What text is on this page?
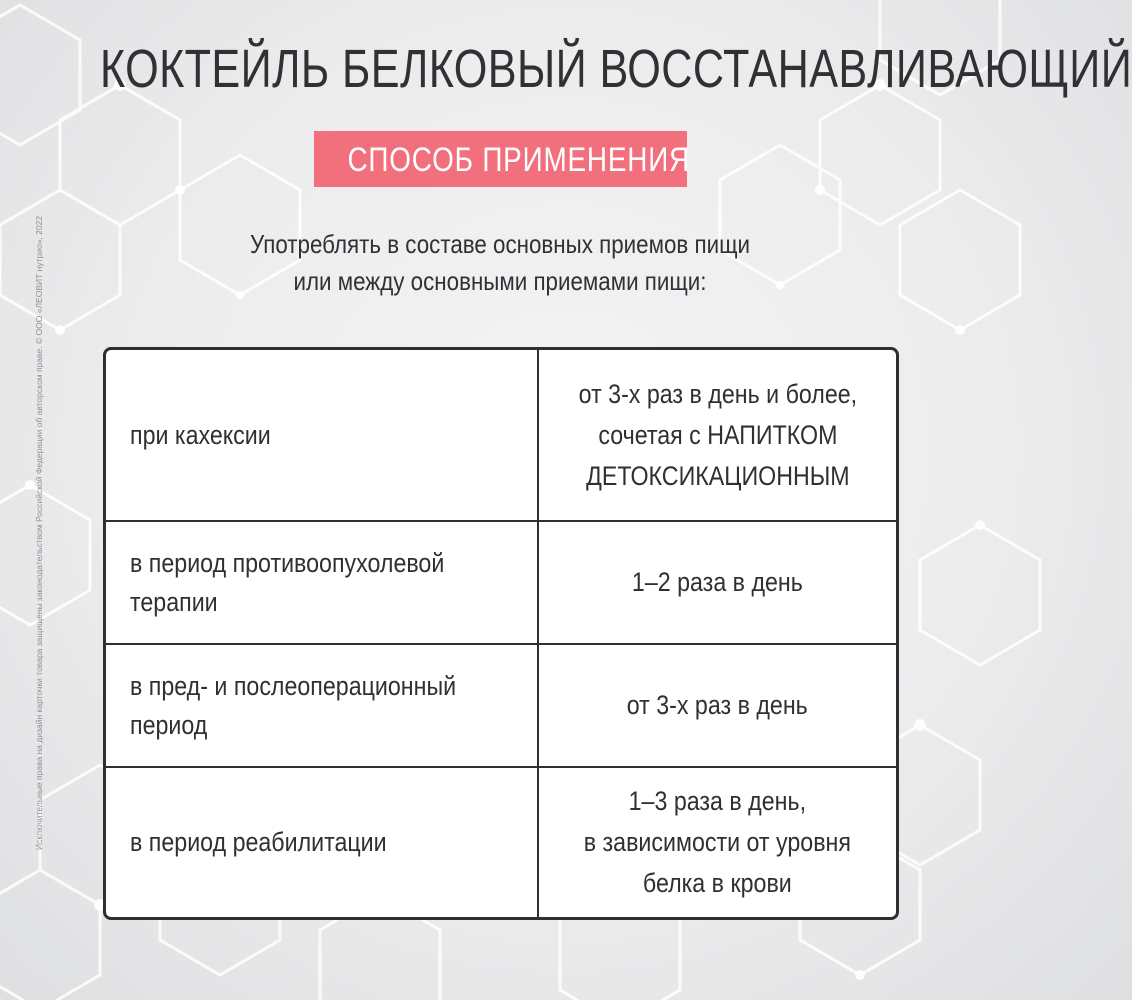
КОКТЕЙЛЬ БЕЛКОВЫЙ ВОССТАНАВЛИВАЮЩИЙ
СПОСОБ ПРИМЕНЕНИЯ
Употреблять в составе основных приемов пищи
или между основными приемами пищи:
при кахексии
от 3-х раз в день и более,
сочетая с НАПИТКОМ
ДЕТОКСИКАЦИОННЫМ
в период противоопухолевой
терапии
1–2 раза в день
в пред- и послеоперационный
период
от 3-х раз в день
в период реабилитации
1–3 раза в день,
в зависимости от уровня
белка в крови
Исключительные права на дизайн карточки товара защищены законодательством Российской Федерации об авторском праве. © ООО «ЛЕОВИТ нутрио», 2022
